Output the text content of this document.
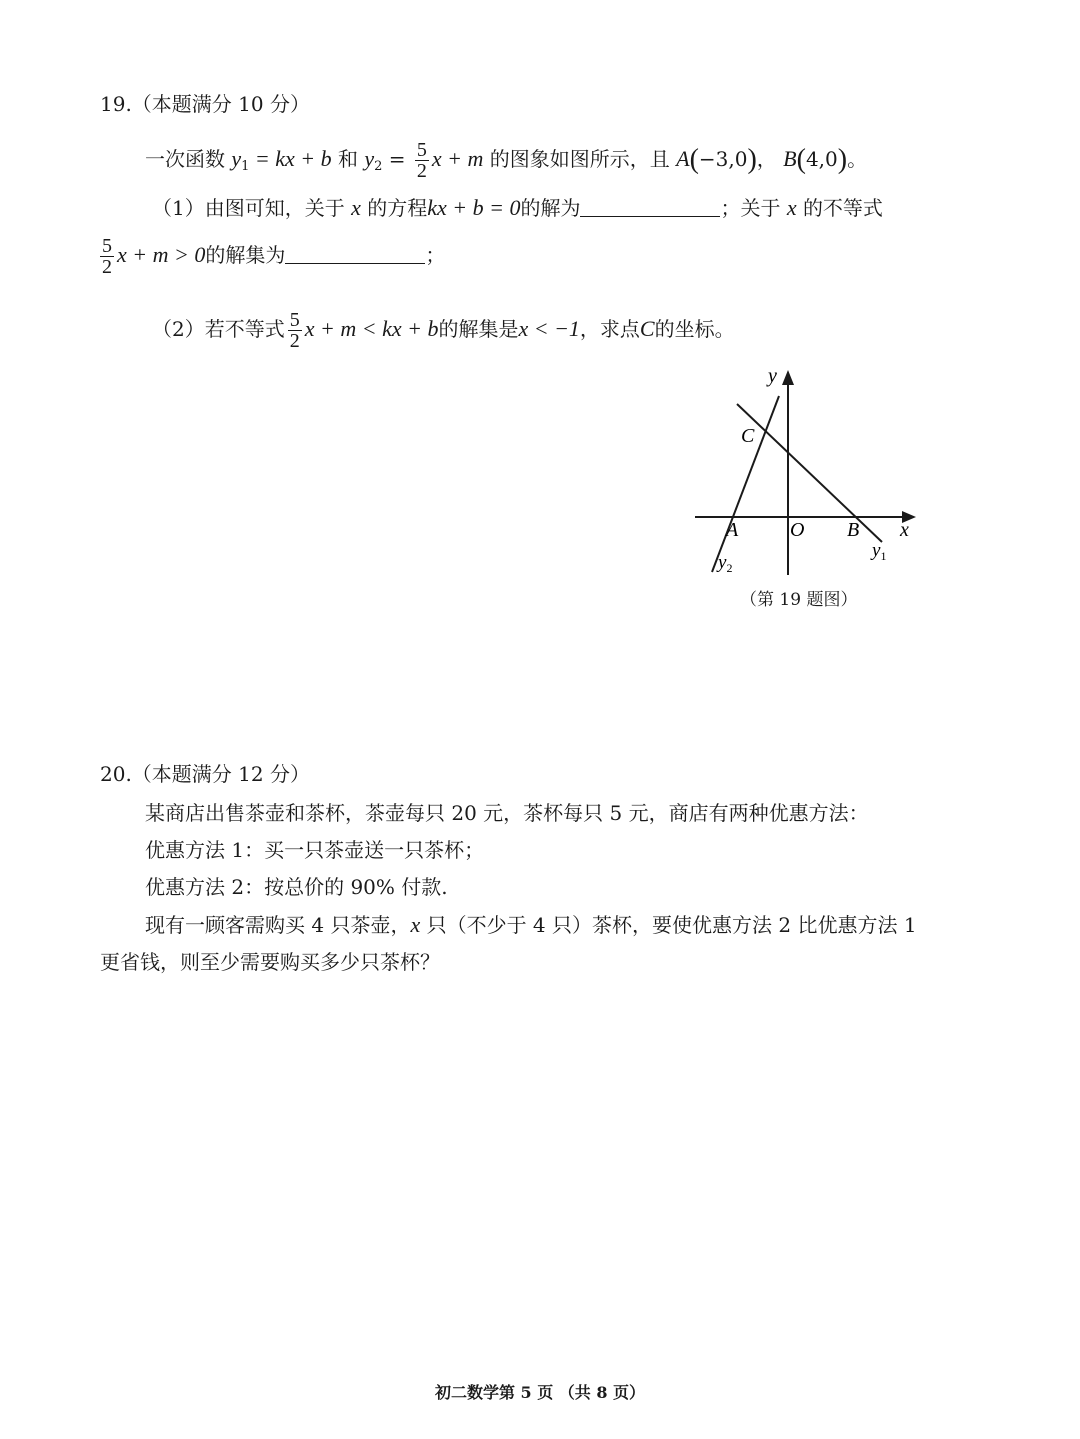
19.（本题满分 10 分）
一次函数 $y_1$ = kx + b 和 $y_2 = \frac{5}{2}$ x + m 的图象如图所示，且 A(−3,0)， B(4,0)。
（1）由图可知，关于 x 的方程kx + b = 0的解为	；关于 x 的不等式
$\frac{5}{2}$ x + m > 0的解集为	；
（2）若不等式 $\frac{5}{2}$ x + m < kx + b的解集是x < −1，求点C的坐标。
y
x
O
A	B
C
$y_1$
$y_2$
（第 19 题图）
20.（本题满分 12 分）
某商店出售茶壶和茶杯，茶壶每只 20 元，茶杯每只 5 元，商店有两种优惠方法：
优惠方法 1：买一只茶壶送一只茶杯；
优惠方法 2：按总价的 90% 付款.
现有一顾客需购买 4 只茶壶，x 只（不少于 4 只）茶杯，要使优惠方法 2 比优惠方法 1
更省钱，则至少需要购买多少只茶杯？
初二数学第 5 页 （共 8 页）
